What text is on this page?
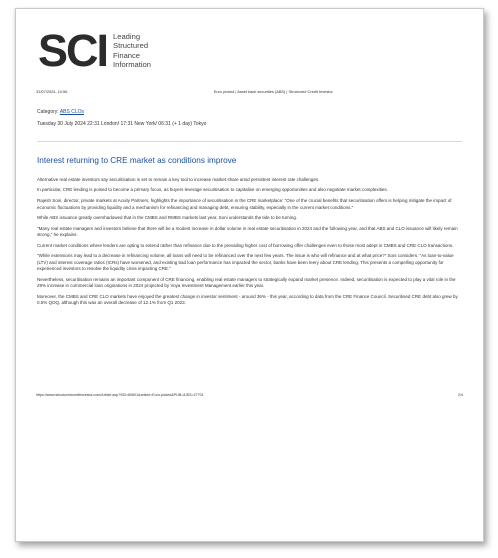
SCI Leading
Structured
Finance
Information
31/07/2024, 10:56	Euro picked | Asset back securities (ABS) | Structured Credit Investor
Category: ABS CLOs
Tuesday 30 July 2024 22:31 London/ 17:31 New York/ 06:31 (+ 1 day) Tokyo
Interest returning to CRE market as conditions improve

Alternative real estate investors say securitisation is set to remain a key tool to increase market share amid persistent interest rate challenges.

In particular, CRE lending is poised to become a primary focus, as buyers leverage securitisation to capitalise on emerging opportunities and also negotiate market complexities.

Rajesh Soni, director, private markets at Acuity Partners, highlights the importance of securitisation in the CRE marketplace: "One of the crucial benefits that securitisation offers is helping mitigate the impact of economic fluctuations by providing liquidity and a mechanism for refinancing and managing debt, ensuring stability, especially in the current market conditions."

While ABS issuance greatly overshadowed that in the CMBS and RMBS markets last year, Soni understands the tide to be turning.

"Many real estate managers and investors believe that there will be a modest increase in dollar volume in real estate securitisation in 2024 and the following year, and that ABS and CLO issuance will likely remain strong," he explains.

Current market conditions where lenders are opting to extend rather than refinance due to the prevailing higher cost of borrowing offer challenges even to those most adept in CMBS and CRE CLO transactions.

"While extensions may lead to a decrease in refinancing volume, all loans will need to be refinanced over the next few years. The issue is who will refinance and at what price?" Soni considers. "As loan-to-value (LTV) and interest coverage ratios (ICRs) have worsened, and existing bad loan performance has impacted the sector, banks have been leery about CRE lending. This presents a compelling opportunity for experienced investors to resolve the liquidity crisis impacting CRE."

Nevertheless, securitisation remains an important component of CRE financing, enabling real estate managers to strategically expand market presence. Indeed, securitisation is expected to play a vital role in the 29% increase in commercial loan originations in 2024 projected by Voya Investment Management earlier this year.

Moreover, the CMBS and CRE CLO markets have enjoyed the greatest change in investor sentiment - around 36% - this year, according to data from the CRE Finance Council. Securitised CRE debt also grew by 0.5% QOQ, although this was an overall decrease of 12.1% from Q1 2023.

https://www.structuredcreditinvestor.com/Article.asp?SID=80601&article=Euro-picked&PUB=&ISS=27701	2/4
